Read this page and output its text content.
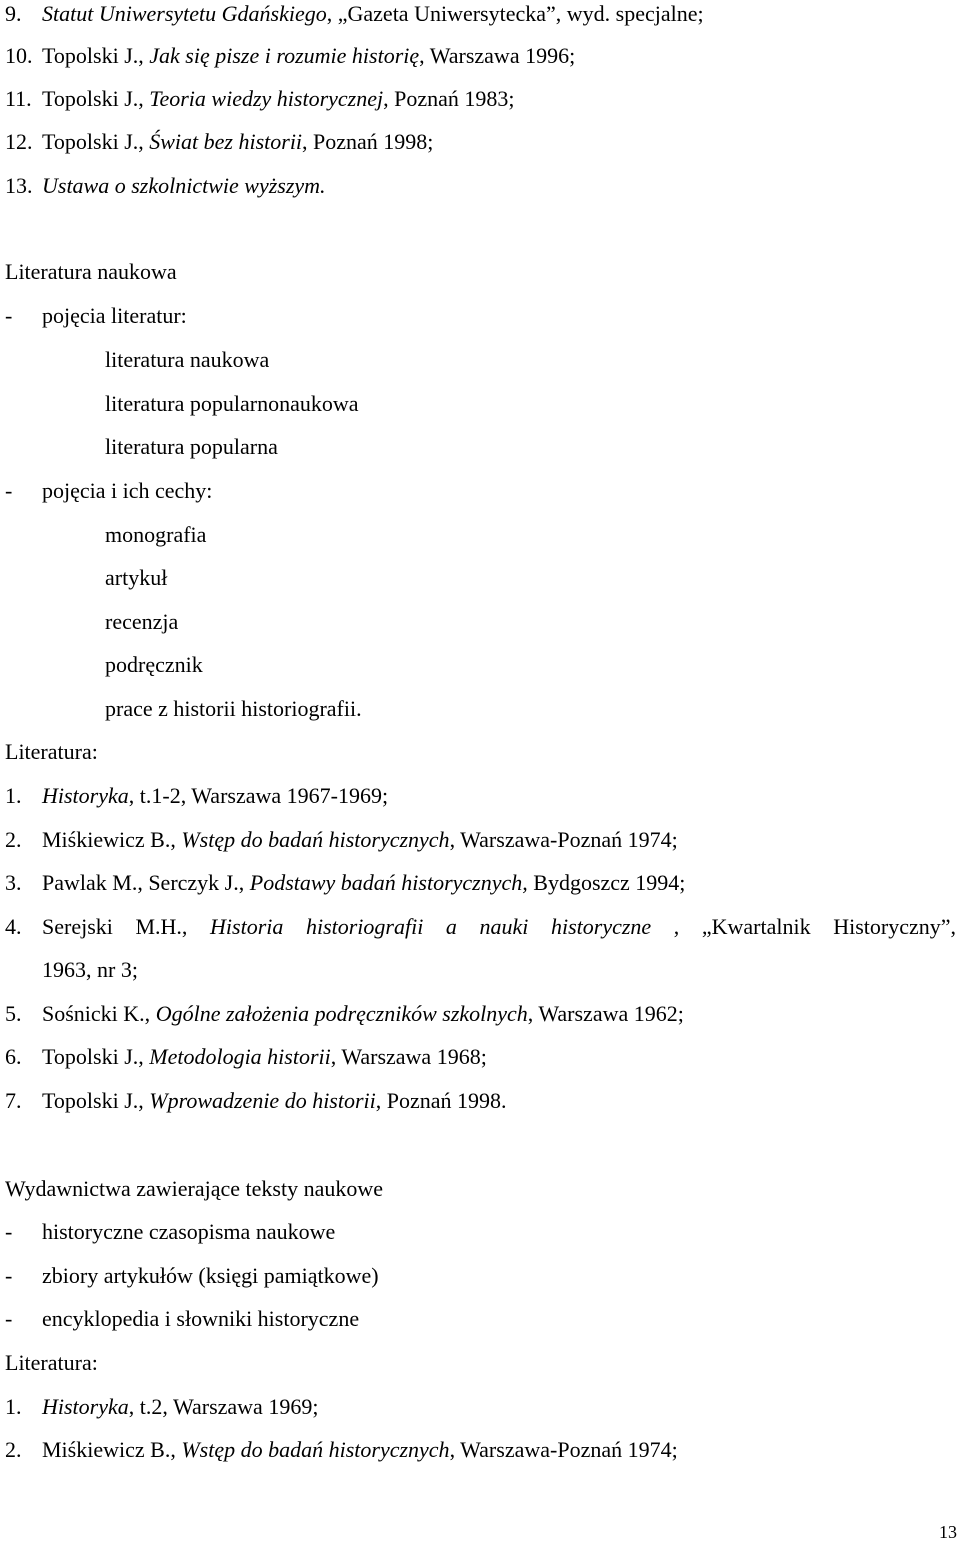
9. Statut Uniwersytetu Gdańskiego, „Gazeta Uniwersytecka”, wyd. specjalne;
10. Topolski J., Jak się pisze i rozumie historię, Warszawa 1996;
11. Topolski J., Teoria wiedzy historycznej, Poznań 1983;
12. Topolski J., Świat bez historii, Poznań 1998;
13. Ustawa o szkolnictwie wyższym.
Literatura naukowa
- pojęcia literatur:
literatura naukowa
literatura popularnonaukowa
literatura popularna
- pojęcia i ich cechy:
monografia
artykuł
recenzja
podręcznik
prace z historii historiografii.
Literatura:
1. Historyka, t.1-2, Warszawa 1967-1969;
2. Miśkiewicz B., Wstęp do badań historycznych, Warszawa-Poznań 1974;
3. Pawlak M., Serczyk J., Podstawy badań historycznych, Bydgoszcz 1994;
4. Serejski M.H., Historia historiografii a nauki historyczne , „Kwartalnik Historyczny”,
1963, nr 3;
5. Sośnicki K., Ogólne założenia podręczników szkolnych, Warszawa 1962;
6. Topolski J., Metodologia historii, Warszawa 1968;
7. Topolski J., Wprowadzenie do historii, Poznań 1998.
Wydawnictwa zawierające teksty naukowe
- historyczne czasopisma naukowe
- zbiory artykułów (księgi pamiątkowe)
- encyklopedia i słowniki historyczne
Literatura:
1. Historyka, t.2, Warszawa 1969;
2. Miśkiewicz B., Wstęp do badań historycznych, Warszawa-Poznań 1974;
13
